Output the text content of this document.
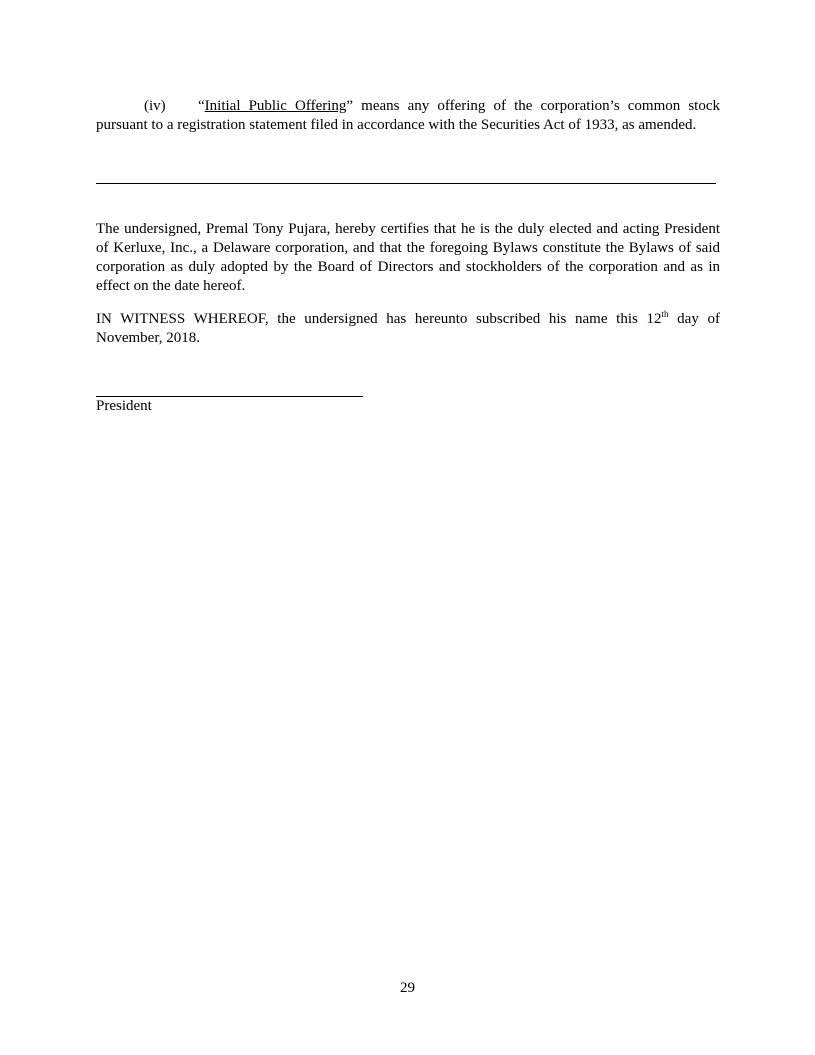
(iv) “Initial Public Offering” means any offering of the corporation’s common stock pursuant to a registration statement filed in accordance with the Securities Act of 1933, as amended.

The undersigned, Premal Tony Pujara, hereby certifies that he is the duly elected and acting President of Kerluxe, Inc., a Delaware corporation, and that the foregoing Bylaws constitute the Bylaws of said corporation as duly adopted by the Board of Directors and stockholders of the corporation and as in effect on the date hereof.

IN WITNESS WHEREOF, the undersigned has hereunto subscribed his name this 12th day of November, 2018.

President
29
